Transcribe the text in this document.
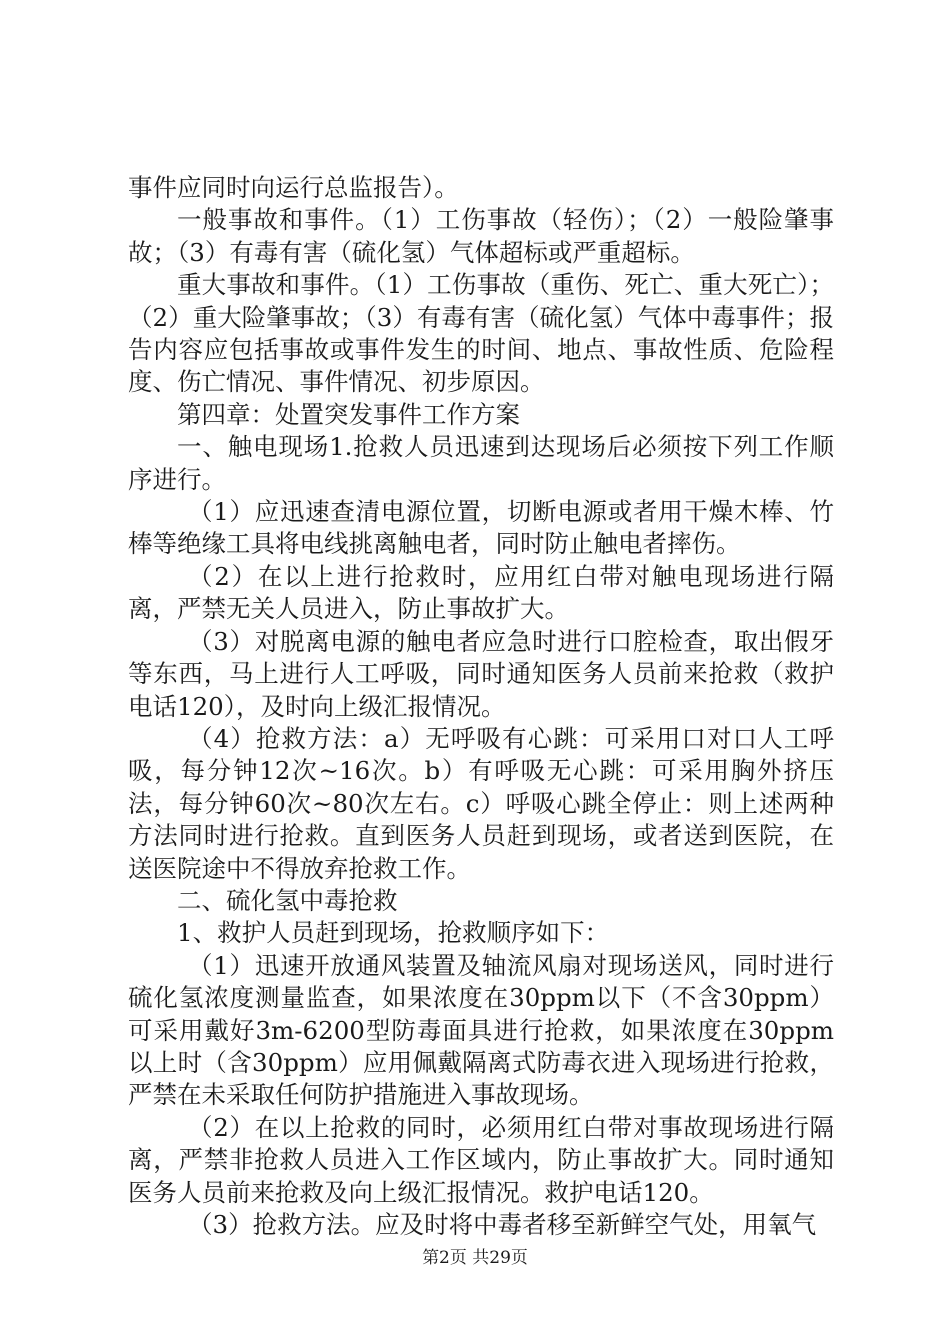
事件应同时向运行总监报告）。

一般事故和事件。（1）工伤事故（轻伤）；（2）一般险肇事故；（3）有毒有害（硫化氢）气体超标或严重超标。

重大事故和事件。（1）工伤事故（重伤、死亡、重大死亡）；（2）重大险肇事故；（3）有毒有害（硫化氢）气体中毒事件；报告内容应包括事故或事件发生的时间、地点、事故性质、危险程度、伤亡情况、事件情况、初步原因。

第四章：处置突发事件工作方案

一、触电现场1.抢救人员迅速到达现场后必须按下列工作顺序进行。

（1）应迅速查清电源位置，切断电源或者用干燥木棒、竹棒等绝缘工具将电线挑离触电者，同时防止触电者摔伤。

（2）在以上进行抢救时，应用红白带对触电现场进行隔离，严禁无关人员进入，防止事故扩大。

（3）对脱离电源的触电者应急时进行口腔检查，取出假牙等东西，马上进行人工呼吸，同时通知医务人员前来抢救（救护电话120），及时向上级汇报情况。

（4）抢救方法：a）无呼吸有心跳：可采用口对口人工呼吸，每分钟12次~16次。b）有呼吸无心跳：可采用胸外挤压法，每分钟60次~80次左右。c）呼吸心跳全停止：则上述两种方法同时进行抢救。直到医务人员赶到现场，或者送到医院，在送医院途中不得放弃抢救工作。

二、硫化氢中毒抢救

1、救护人员赶到现场，抢救顺序如下：

（1）迅速开放通风装置及轴流风扇对现场送风，同时进行硫化氢浓度测量监查，如果浓度在30ppm以下（不含30ppm）可采用戴好3m-6200型防毒面具进行抢救，如果浓度在30ppm以上时（含30ppm）应用佩戴隔离式防毒衣进入现场进行抢救，严禁在未采取任何防护措施进入事故现场。

（2）在以上抢救的同时，必须用红白带对事故现场进行隔离，严禁非抢救人员进入工作区域内，防止事故扩大。同时通知医务人员前来抢救及向上级汇报情况。救护电话120。

（3）抢救方法。应及时将中毒者移至新鲜空气处，用氧气

第2页 共29页
